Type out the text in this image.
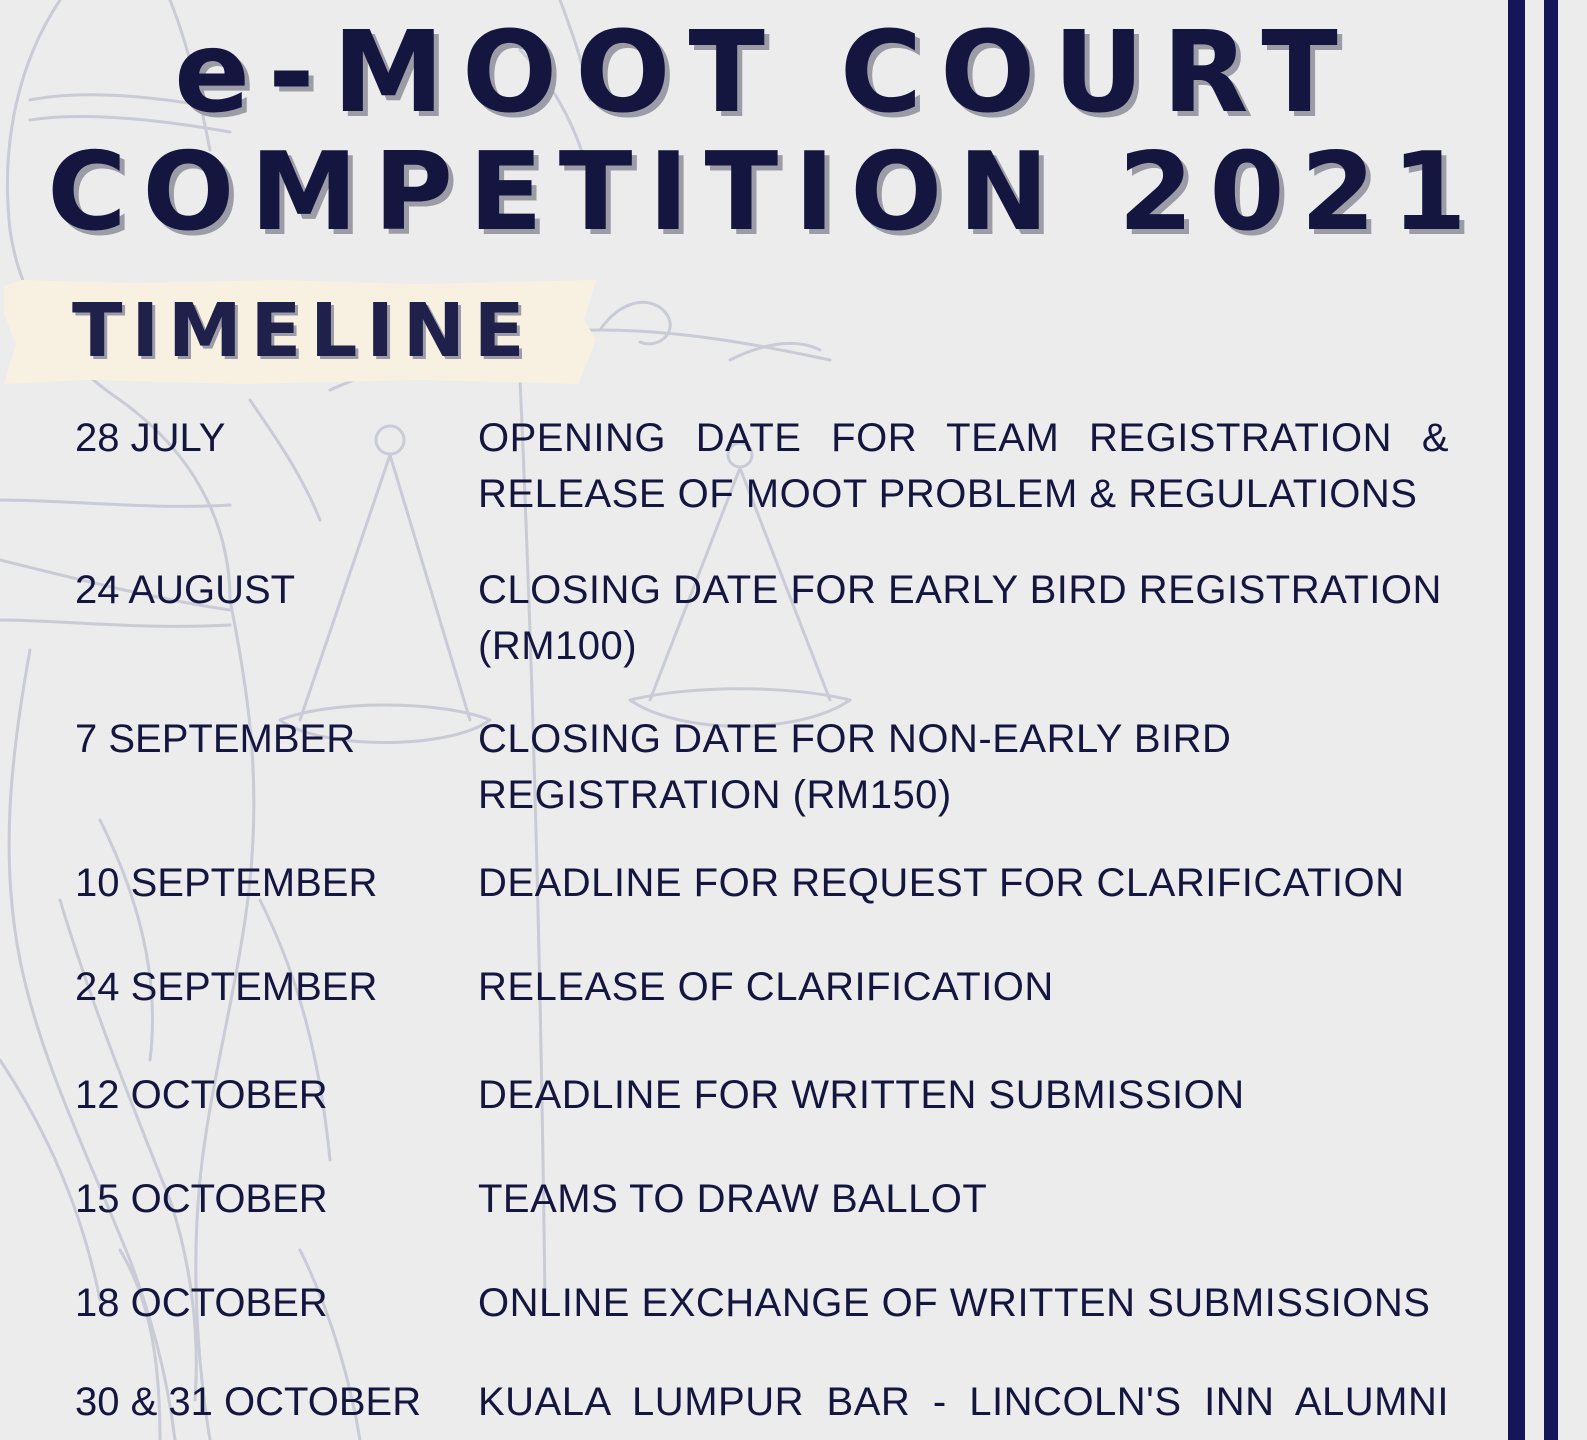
e-MOOT COURT
COMPETITION 2021
TIMELINE
28 JULY	OPENING DATE FOR TEAM REGISTRATION & RELEASE OF MOOT PROBLEM & REGULATIONS
24 AUGUST	CLOSING DATE FOR EARLY BIRD REGISTRATION (RM100)
7 SEPTEMBER	CLOSING DATE FOR NON-EARLY BIRD REGISTRATION (RM150)
10 SEPTEMBER	DEADLINE FOR REQUEST FOR CLARIFICATION
24 SEPTEMBER	RELEASE OF CLARIFICATION
12 OCTOBER	DEADLINE FOR WRITTEN SUBMISSION
15 OCTOBER	TEAMS TO DRAW BALLOT
18 OCTOBER	ONLINE EXCHANGE OF WRITTEN SUBMISSIONS
30 & 31 OCTOBER KUALA LUMPUR BAR - LINCOLN'S INN ALUMNI
